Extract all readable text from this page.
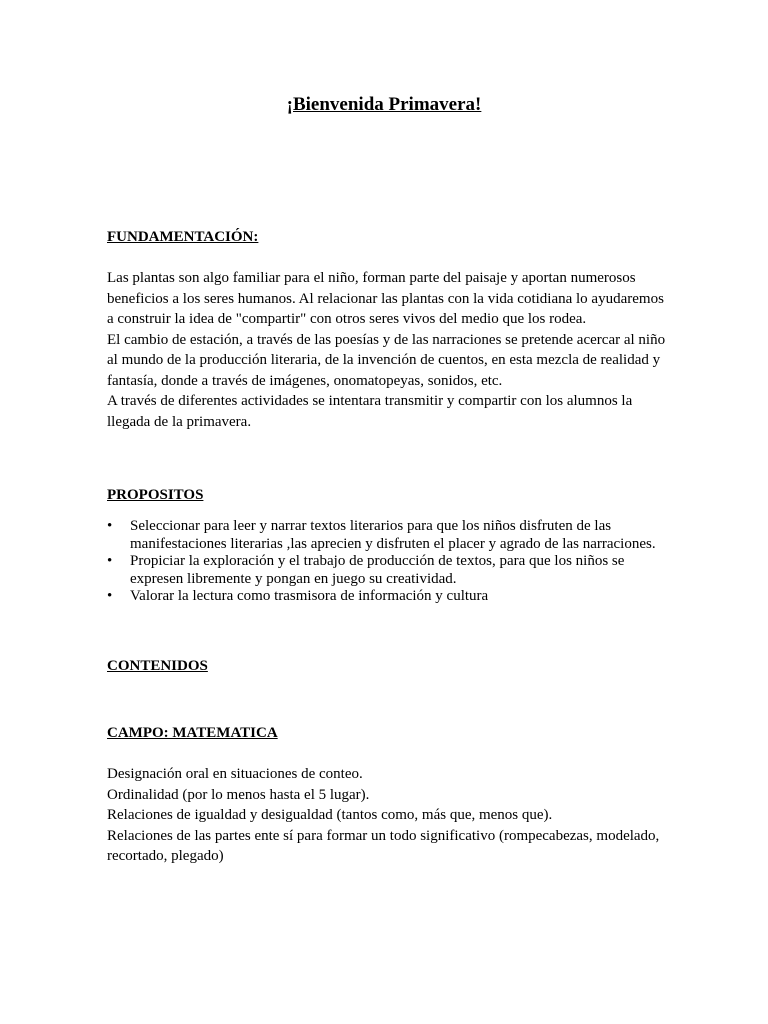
¡Bienvenida Primavera!
FUNDAMENTACIÓN:

Las plantas son algo familiar para el niño, forman parte del paisaje y aportan numerosos beneficios a los seres humanos. Al relacionar las plantas con la vida cotidiana lo ayudaremos a construir la idea de "compartir" con otros seres vivos del medio que los rodea.

El cambio de estación, a través de las poesías y de las narraciones se pretende acercar al niño al mundo de la producción literaria, de la invención de cuentos, en esta mezcla de realidad y fantasía, donde a través de imágenes, onomatopeyas, sonidos, etc.

A través de diferentes actividades se intentara transmitir y compartir con los alumnos la llegada de la primavera.

PROPOSITOS
• Seleccionar para leer y narrar textos literarios para que los niños disfruten de las manifestaciones literarias ,las aprecien y disfruten el placer y agrado de las narraciones.
• Propiciar la exploración y el trabajo de producción de textos, para que los niños se expresen libremente y pongan en juego su creatividad.
• Valorar la lectura como trasmisora de información y cultura
CONTENIDOS
CAMPO: MATEMATICA

Designación oral en situaciones de conteo.

Ordinalidad (por lo menos hasta el 5 lugar).

Relaciones de igualdad y desigualdad (tantos como, más que, menos que).

Relaciones de las partes ente sí para formar un todo significativo (rompecabezas, modelado, recortado, plegado)
